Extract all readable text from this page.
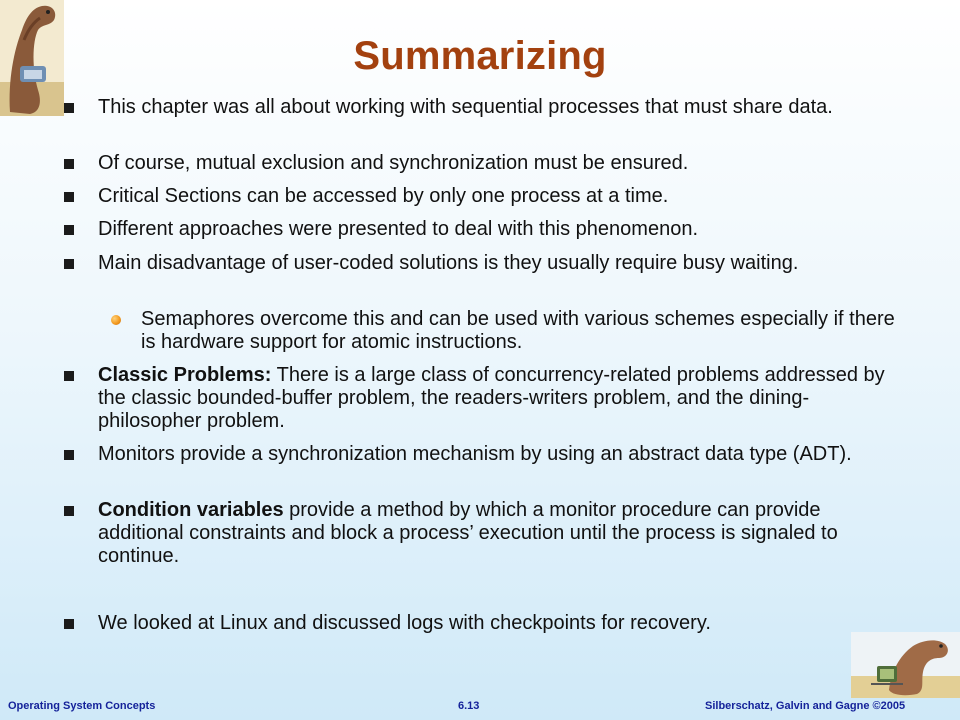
Summarizing
This chapter was all about working with sequential processes that must share data.
Of course, mutual exclusion and synchronization must be ensured.
Critical Sections can be accessed by only one process at a time.
Different approaches were presented to deal with this phenomenon.
Main disadvantage of user-coded solutions is they usually require busy waiting.
Semaphores overcome this and can be used with various schemes especially if there is hardware support for atomic instructions.
Classic Problems: There is a large class of concurrency-related problems addressed by the classic bounded-buffer problem, the readers-writers problem, and the dining-philosopher problem.
Monitors provide a synchronization mechanism by using an abstract data type (ADT).
Condition variables provide a method by which a monitor procedure can provide additional constraints and block a process’ execution until the process is signaled to continue.
We looked at Linux and discussed logs with checkpoints for recovery.
Operating System Concepts	6.13	Silberschatz, Galvin and Gagne ©2005
